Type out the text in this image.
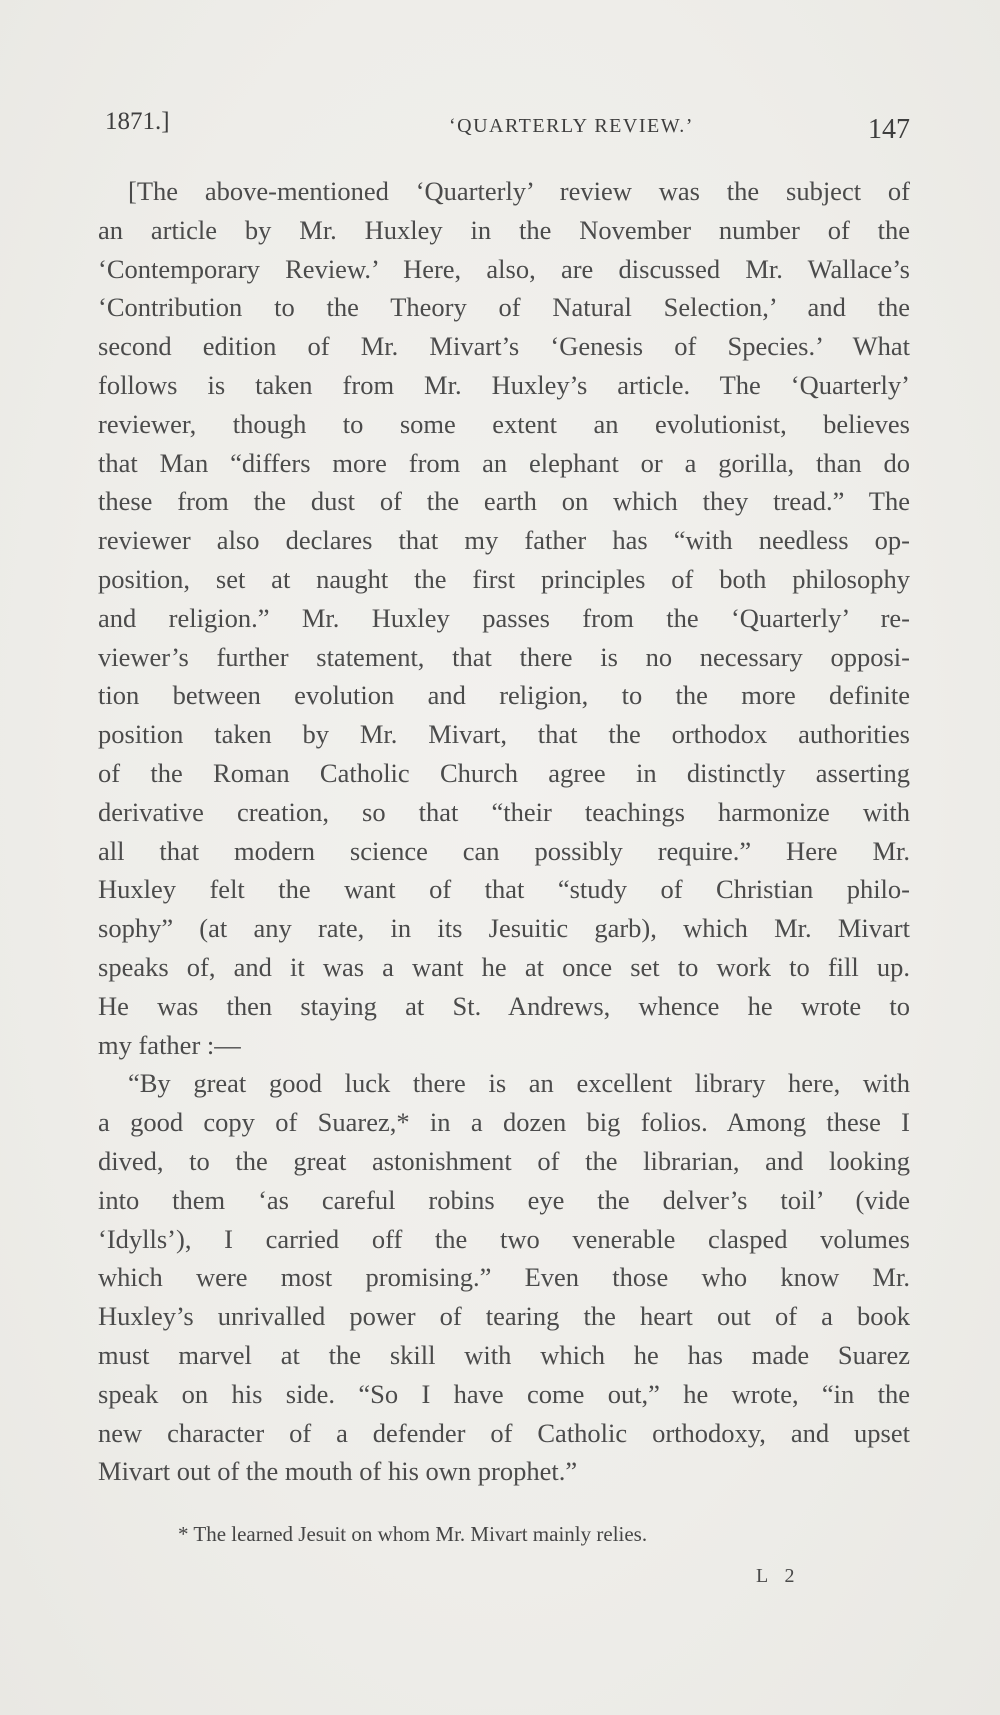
1871.]	‘QUARTERLY REVIEW.’	147
[The above-mentioned ‘Quarterly’ review was the subject of
an article by Mr. Huxley in the November number of the
‘Contemporary Review.’ Here, also, are discussed Mr. Wallace’s
‘Contribution to the Theory of Natural Selection,’ and the
second edition of Mr. Mivart’s ‘Genesis of Species.’ What
follows is taken from Mr. Huxley’s article. The ‘Quarterly’
reviewer, though to some extent an evolutionist, believes
that Man “differs more from an elephant or a gorilla, than do
these from the dust of the earth on which they tread.” The
reviewer also declares that my father has “with needless op-
position, set at naught the first principles of both philosophy
and religion.” Mr. Huxley passes from the ‘Quarterly’ re-
viewer’s further statement, that there is no necessary opposi-
tion between evolution and religion, to the more definite
position taken by Mr. Mivart, that the orthodox authorities
of the Roman Catholic Church agree in distinctly asserting
derivative creation, so that “their teachings harmonize with
all that modern science can possibly require.” Here Mr.
Huxley felt the want of that “study of Christian philo-
sophy” (at any rate, in its Jesuitic garb), which Mr. Mivart
speaks of, and it was a want he at once set to work to fill up.
He was then staying at St. Andrews, whence he wrote to
my father :—
“By great good luck there is an excellent library here, with
a good copy of Suarez,* in a dozen big folios. Among these I
dived, to the great astonishment of the librarian, and looking
into them ‘as careful robins eye the delver’s toil’ (vide
‘Idylls’), I carried off the two venerable clasped volumes
which were most promising.” Even those who know Mr.
Huxley’s unrivalled power of tearing the heart out of a book
must marvel at the skill with which he has made Suarez
speak on his side. “So I have come out,” he wrote, “in the
new character of a defender of Catholic orthodoxy, and upset
Mivart out of the mouth of his own prophet.”
* The learned Jesuit on whom Mr. Mivart mainly relies.
L 2
